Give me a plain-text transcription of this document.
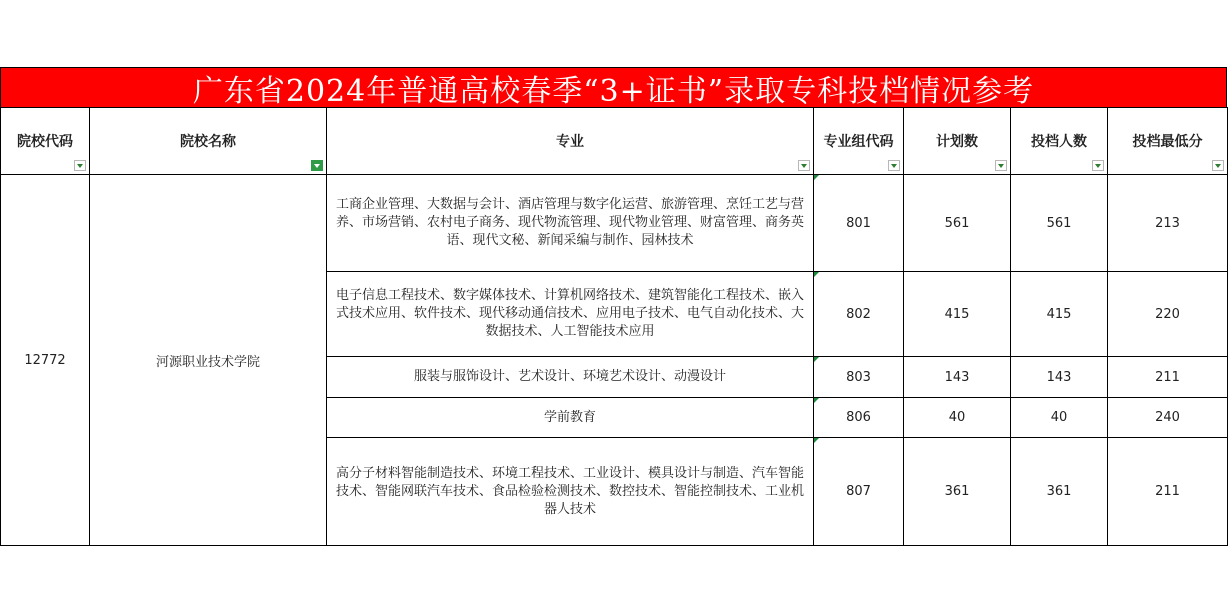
广东省2024年普通高校春季“3+证书”录取专科投档情况参考
院校代码	院校名称	专业	专业组代码	计划数	投档人数	投档最低分

12772	河源职业技术学院	工商企业管理、大数据与会计、酒店管理与数字化运营、旅游管理、烹饪工艺与营养、市场营销、农村电子商务、现代物流管理、现代物业管理、财富管理、商务英语、现代文秘、新闻采编与制作、园林技术	801	561	561	213
		电子信息工程技术、数字媒体技术、计算机网络技术、建筑智能化工程技术、嵌入式技术应用、软件技术、现代移动通信技术、应用电子技术、电气自动化技术、大数据技术、人工智能技术应用	802	415	415	220
		服装与服饰设计、艺术设计、环境艺术设计、动漫设计	803	143	143	211
		学前教育	806	40	40	240
		高分子材料智能制造技术、环境工程技术、工业设计、模具设计与制造、汽车智能技术、智能网联汽车技术、食品检验检测技术、数控技术、智能控制技术、工业机器人技术	807	361	361	211
